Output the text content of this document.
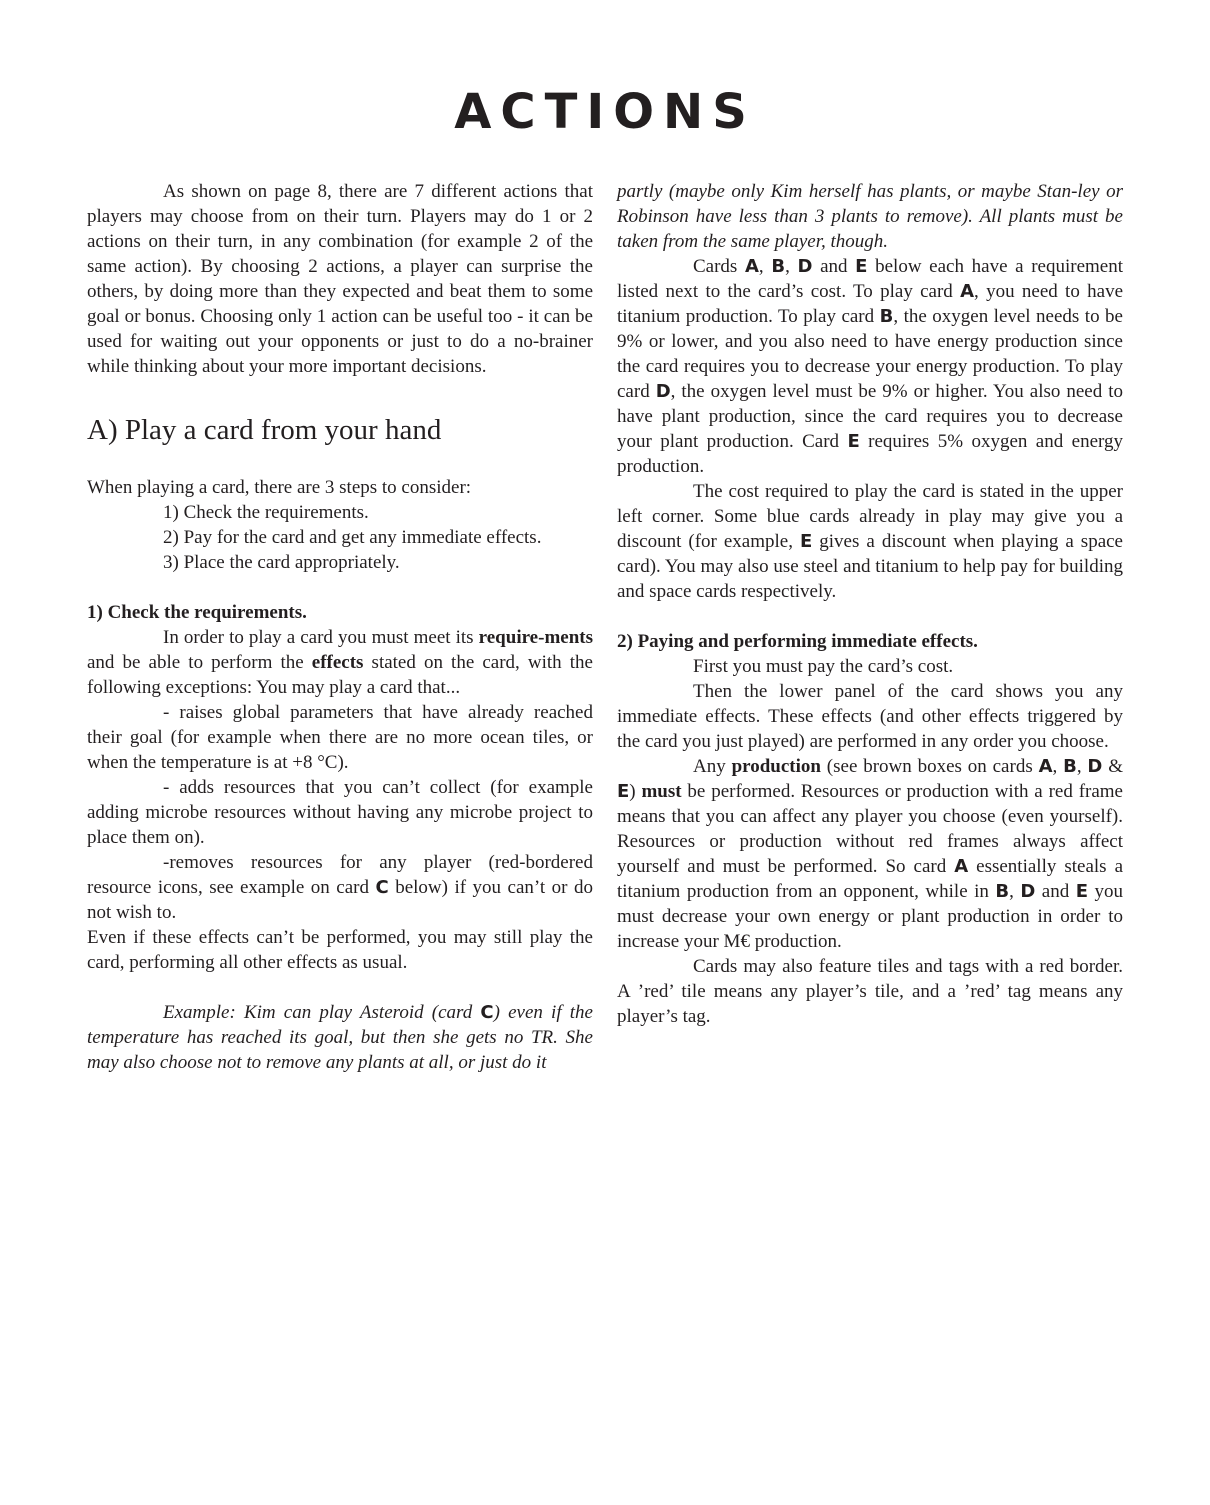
ACTIONS

As shown on page 8, there are 7 different actions that players may choose from on their turn. Players may do 1 or 2 actions on their turn, in any combination (for example 2 of the same action). By choosing 2 actions, a player can surprise the others, by doing more than they expected and beat them to some goal or bonus. Choosing only 1 action can be useful too - it can be used for waiting out your opponents or just to do a no-brainer while thinking about your more important decisions.

A) Play a card from your hand

When playing a card, there are 3 steps to consider:

1) Check the requirements.

2) Pay for the card and get any immediate effects.

3) Place the card appropriately.

1) Check the requirements.

In order to play a card you must meet its require-ments and be able to perform the effects stated on the card, with the following exceptions: You may play a card that...

- raises global parameters that have already reached their goal (for example when there are no more ocean tiles, or when the temperature is at +8 °C).

- adds resources that you can’t collect (for example adding microbe resources without having any microbe project to place them on).

-removes resources for any player (red-bordered resource icons, see example on card C below) if you can’t or do not wish to.

Even if these effects can’t be performed, you may still play the card, performing all other effects as usual.

Example: Kim can play Asteroid (card C) even if the temperature has reached its goal, but then she gets no TR. She may also choose not to remove any plants at all, or just do it

partly (maybe only Kim herself has plants, or maybe Stan-ley or Robinson have less than 3 plants to remove). All plants must be taken from the same player, though.

Cards A, B, D and E below each have a requirement listed next to the card’s cost. To play card A, you need to have titanium production. To play card B, the oxygen level needs to be 9% or lower, and you also need to have energy production since the card requires you to decrease your energy production. To play card D, the oxygen level must be 9% or higher. You also need to have plant production, since the card requires you to decrease your plant production. Card E requires 5% oxygen and energy production.

The cost required to play the card is stated in the upper left corner. Some blue cards already in play may give you a discount (for example, E gives a discount when playing a space card). You may also use steel and titanium to help pay for building and space cards respectively.

2) Paying and performing immediate effects.

First you must pay the card’s cost.

Then the lower panel of the card shows you any immediate effects. These effects (and other effects triggered by the card you just played) are performed in any order you choose.

Any production (see brown boxes on cards A, B, D & E) must be performed. Resources or production with a red frame means that you can affect any player you choose (even yourself). Resources or production without red frames always affect yourself and must be performed. So card A essentially steals a titanium production from an opponent, while in B, D and E you must decrease your own energy or plant production in order to increase your M€ production.

Cards may also feature tiles and tags with a red border. A ’red’ tile means any player’s tile, and a ’red’ tag means any player’s tag.
